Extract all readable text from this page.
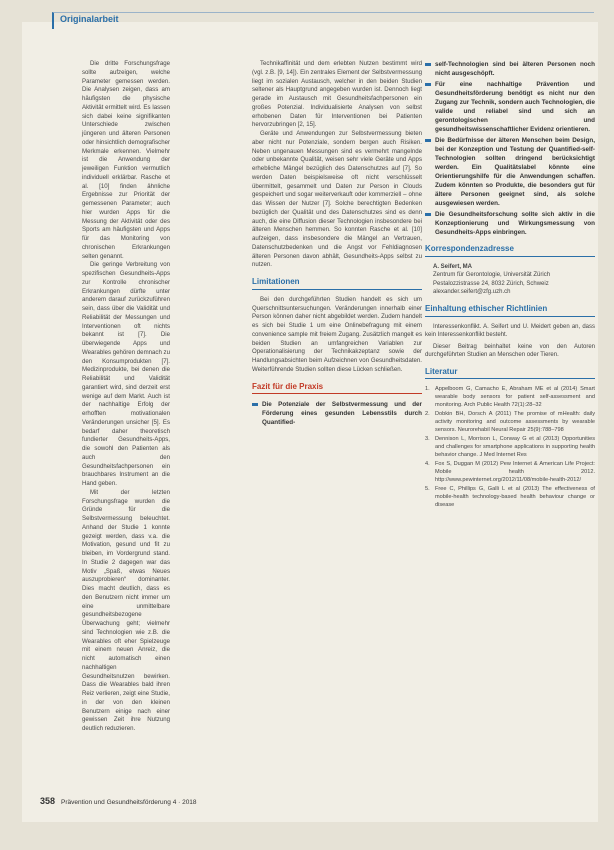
Originalarbeit

Die dritte Forschungsfrage sollte aufzeigen, welche Parameter gemessen werden. Die Analysen zeigen, dass am häufigsten die physische Aktivität ermittelt wird. Es lassen sich dabei keine signifikanten Unterschiede zwischen jüngeren und älteren Personen oder hinsichtlich demografischer Merkmale erkennen. Vielmehr ist die Anwendung der jeweiligen Funktion vermutlich individuell erklärbar. Rasche et al. [10] finden ähnliche Ergebnisse zur Priorität der gemessenen Parameter; auch hier wurden Apps für die Messung der Aktivität oder des Sports am häufigsten und Apps für das Monitoring von chronischen Erkrankungen selten genannt.

Die geringe Verbreitung von spezifischen Gesundheits-Apps zur Kontrolle chronischer Erkrankungen dürfte unter anderem darauf zurückzuführen sein, dass über die Validität und Reliabilität der Messungen und Interventionen oft nichts bekannt ist [7]. Die überwiegende Apps und Wearables gehören demnach zu den Konsumprodukten [7]. Medizinprodukte, bei denen die Reliabilität und Validität garantiert wird, sind derzeit erst wenige auf dem Markt. Auch ist der nachhaltige Erfolg der erhofften motivationalen Veränderungen unsicher [5]. Es bedarf daher theoretisch fundierter Gesundheits-Apps, die sowohl den Patienten als auch den Gesundheitsfachpersonen ein brauchbares Instrument an die Hand geben.

Mit der letzten Forschungsfrage wurden die Gründe für die Selbstvermessung beleuchtet. Anhand der Studie 1 konnte gezeigt werden, dass v.a. die Motivation, gesund und fit zu bleiben, im Vordergrund stand. In Studie 2 dagegen war das Motiv „Spaß, etwas Neues auszuprobieren“ dominanter. Dies macht deutlich, dass es den Benutzern nicht immer um eine unmittelbare gesundheitsbezogene Überwachung geht; vielmehr sind Technologien wie z.B. die Wearables oft eher Spielzeuge mit einem neuen Anreiz, die nicht automatisch einen nachhaltigen Gesundheitsnutzen bewirken. Dass die Wearables bald ihren Reiz verlieren, zeigt eine Studie, in der von den kleinen Benutzern einige nach einer gewissen Zeit ihre Nutzung deutlich reduzieren.

Technikaffinität und dem erlebten Nutzen bestimmt wird (vgl. z.B. [9, 14]). Ein zentrales Element der Selbstvermessung liegt im sozialen Austausch, welcher in den beiden Studien seltener als Hauptgrund angegeben wurden ist. Dennoch liegt gerade im Austausch mit Gesundheitsfachpersonen ein großes Potenzial. Individualisierte Analysen von selbst erhobenen Daten für Interventionen bei Patienten hervorzubringen [2, 15].

Geräte und Anwendungen zur Selbstvermessung bieten aber nicht nur Potenziale, sondern bergen auch Risiken. Neben ungenauen Messungen sind es vermehrt mangelnde oder unbekannte Qualität, weisen sehr viele Geräte und Apps erhebliche Mängel bezüglich des Datenschutzes auf [7]. So werden Daten beispielsweise oft nicht verschlüsselt übermittelt, gesammelt und Daten zur Person in Clouds gespeichert und sogar weiterverkauft oder kommerziell – ohne das Wissen der Nutzer [7]. Solche berechtigten Bedenken bezüglich der Qualität und des Datenschutzes sind es denn auch, die eine Diffusion dieser Technologien insbesondere bei älteren Menschen hemmen. So konnten Rasche et al. [10] aufzeigen, dass insbesondere die Mängel an Vertrauen, Datenschutzbedenken und die Angst vor Fehldiagnosen älteren Personen davon abhält, Gesundheits-Apps selbst zu nutzen.

Limitationen

Bei den durchgeführten Studien handelt es sich um Querschnittsuntersuchungen. Veränderungen innerhalb einer Person können daher nicht abgebildet werden. Zudem handelt es sich bei Studie 1 um eine Onlinebefragung mit einem convenience sample mit freiem Zugang. Zusätzlich mangelt es beiden Studien an umfangreichen Variablen zur Operationalisierung der Technikakzeptanz sowie der Handlungsabsichten beim Aufzeichnen von Gesundheitsdaten. Weiterführende Studien sollten diese Lücken schließen.

Fazit für die Praxis
Die Potenziale der Selbstvermessung und der Förderung eines gesunden Lebensstils durch Quantified-
self-Technologien sind bei älteren Personen noch nicht ausgeschöpft.
Für eine nachhaltige Prävention und Gesundheitsförderung benötigt es nicht nur den Zugang zur Technik, sondern auch Technologien, die valide und reliabel sind und sich an gerontologischen und gesundheitswissenschaftlicher Evidenz orientieren.
Die Bedürfnisse der älteren Menschen beim Design, bei der Konzeption und Testung der Quantified-self-Technologien sollten dringend berücksichtigt werden. Ein Qualitätslabel könnte eine Orientierungshilfe für die Anwendungen schaffen. Zudem könnten so Produkte, die besonders gut für ältere Personen geeignet sind, als solche ausgewiesen werden.
Die Gesundheitsforschung sollte sich aktiv in die Konzeptionierung und Wirkungsmessung von Gesundheits-Apps einbringen.
Korrespondenzadresse

A. Seifert, MA

Zentrum für Gerontologie, Universität Zürich

Pestalozzistrasse 24, 8032 Zürich, Schweiz

alexander.seifert@zfg.uzh.ch

Einhaltung ethischer Richtlinien

Interessenkonflikt. A. Seifert und U. Meidert geben an, dass kein Interessenkonflikt besteht.

Dieser Beitrag beinhaltet keine von den Autoren durchgeführten Studien an Menschen oder Tieren.

Literatur
1. Appelboom G, Camacho E, Abraham ME et al (2014) Smart wearable body sensors for patient self-assessment and monitoring. Arch Public Health 72(1):28–32
2. Dobkin BH, Dorsch A (2011) The promise of mHealth: daily activity monitoring and outcome assessments by wearable sensors. Neurorehabil Neural Repair 25(9):788–798
3. Dennison L, Morrison L, Conway G et al (2013) Opportunities and challenges for smartphone applications in supporting health behavior change. J Med Internet Res
4. Fox S, Duggan M (2012) Pew Internet & American Life Project: Mobile health 2012. http://www.pewinternet.org/2012/11/08/mobile-health-2012/
5. Free C, Phillips G, Galli L et al (2013) The effectiveness of mobile-health technology-based health behaviour change or disease
358 Prävention und Gesundheitsförderung 4 · 2018
